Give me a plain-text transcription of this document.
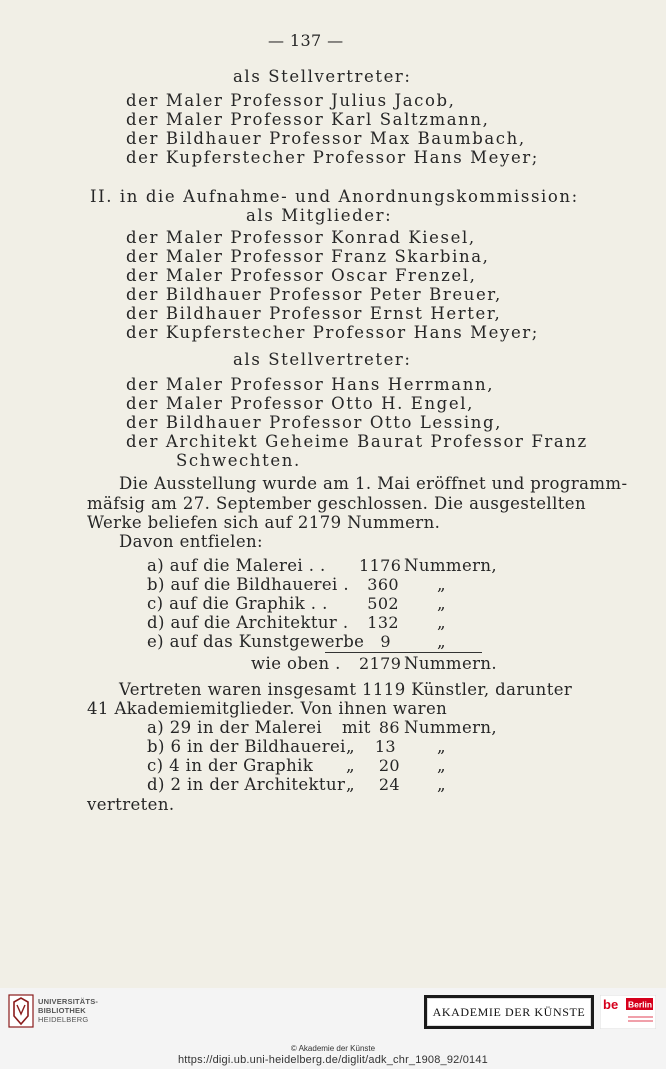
— 137 —
als Stellvertreter:
der Maler Professor Julius Jacob,
der Maler Professor Karl Saltzmann,
der Bildhauer Professor Max Baumbach,
der Kupferstecher Professor Hans Meyer;
II. in die Aufnahme- und Anordnungskommission:
als Mitglieder:
der Maler Professor Konrad Kiesel,
der Maler Professor Franz Skarbina,
der Maler Professor Oscar Frenzel,
der Bildhauer Professor Peter Breuer,
der Bildhauer Professor Ernst Herter,
der Kupferstecher Professor Hans Meyer;
als Stellvertreter:
der Maler Professor Hans Herrmann,
der Maler Professor Otto H. Engel,
der Bildhauer Professor Otto Lessing,
der Architekt Geheime Baurat Professor Franz
Schwechten.
Die Ausstellung wurde am 1. Mai eröffnet und programm-
mäfsig am 27. September geschlossen. Die ausgestellten
Werke beliefen sich auf 2179 Nummern.
Davon entfielen:
a) auf die Malerei . . 1176 Nummern,
b) auf die Bildhauerei .	360 „
c) auf die Graphik . .	502 „
d) auf die Architektur .	132 „
e) auf das Kunstgewerbe	9	„
wie oben . 2179 Nummern.
Vertreten waren insgesamt 1119 Künstler, darunter
41 Akademiemitglieder. Von ihnen waren
a) 29 in der Malerei mit 86 Nummern,
b) 6 in der Bildhauerei „	13 „
c) 4 in der Graphik „	20 „
d) 2 in der Architektur „	24 „
vertreten.
UNIVERSITÄTS-
BIBLIOTHEK
HEIDELBERG
AKADEMIE DER KÜNSTE	be Berlin
© Akademie der Künste
https://digi.ub.uni-heidelberg.de/diglit/adk_chr_1908_92/0141
